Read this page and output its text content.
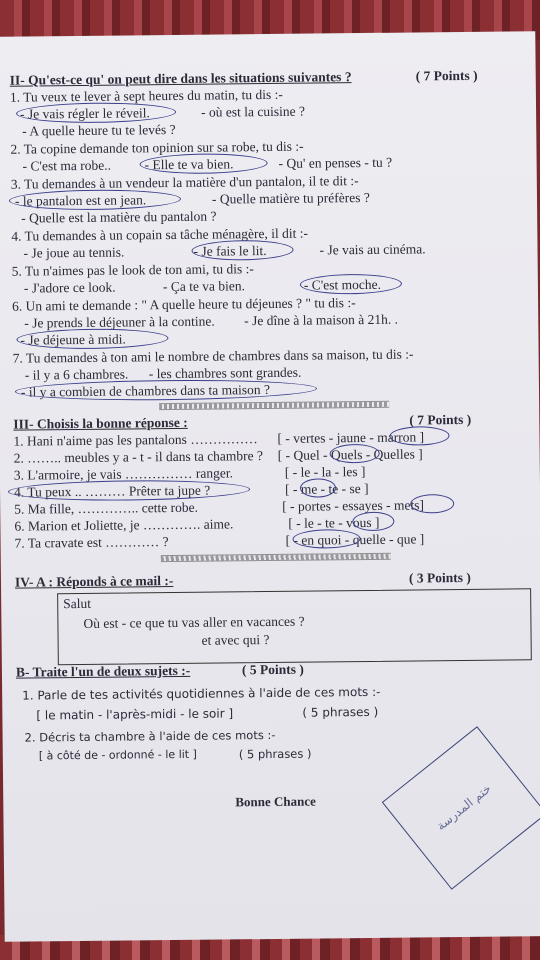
II- Qu'est-ce qu' on peut dire dans les situations suivantes ?	( 7 Points )
1. Tu veux te lever à sept heures du matin, tu dis :-
- Je vais régler le réveil.	- où est la cuisine ?
- A quelle heure tu te levés ?
2. Ta copine demande ton opinion sur sa robe, tu dis :-
- C'est ma robe.. - Elle te va bien.	- Qu' en penses - tu ?
3. Tu demandes à un vendeur la matière d'un pantalon, il te dit :-
- le pantalon est en jean.	- Quelle matière tu préfères ?
- Quelle est la matière du pantalon ?
4. Tu demandes à un copain sa tâche ménagère, il dit :-
- Je joue au tennis.	- Je fais le lit.	- Je vais au cinéma.
5. Tu n'aimes pas le look de ton ami, tu dis :-
- J'adore ce look.	- Ça te va bien.	- C'est moche.
6. Un ami te demande : " A quelle heure tu déjeunes ? " tu dis :-
- Je prends le déjeuner à la contine. - Je dîne à la maison à 21h. .
- Je déjeune à midi.
7. Tu demandes à ton ami le nombre de chambres dans sa maison, tu dis :-
- il y a 6 chambres. - les chambres sont grandes.
- il y a combien de chambres dans ta maison ?
III- Choisis la bonne réponse :	( 7 Points )
1. Hani n'aime pas les pantalons …………… [ - vertes - jaune - marron ]
2. …….. meubles y a - t - il dans ta chambre ? [ - Quel - Quels - Quelles ]
3. L'armoire, je vais …………… ranger.	[ - le - la - les ]
4. Tu peux .. ……… Prêter ta jupe ?	[ - me - te - se ]
5. Ma fille, ………….. cette robe.	[ - portes - essayes - mets]
6. Marion et Joliette, je …………. aime.	[ - le - te - vous ]
7. Ta cravate est ………… ?	[ - en quoi - quelle - que ]
IV- A : Réponds à ce mail :-	( 3 Points )
Salut
Où est - ce que tu vas aller en vacances ?
et avec qui ?
B- Traite l'un de deux sujets :-	( 5 Points )
1. Parle de tes activités quotidiennes à l'aide de ces mots :-
[ le matin - l'après-midi - le soir ]	( 5 phrases )
2. Décris ta chambre à l'aide de ces mots :-
[ à côté de - ordonné - le lit ]	( 5 phrases )
Bonne Chance	ختم المدرسة
